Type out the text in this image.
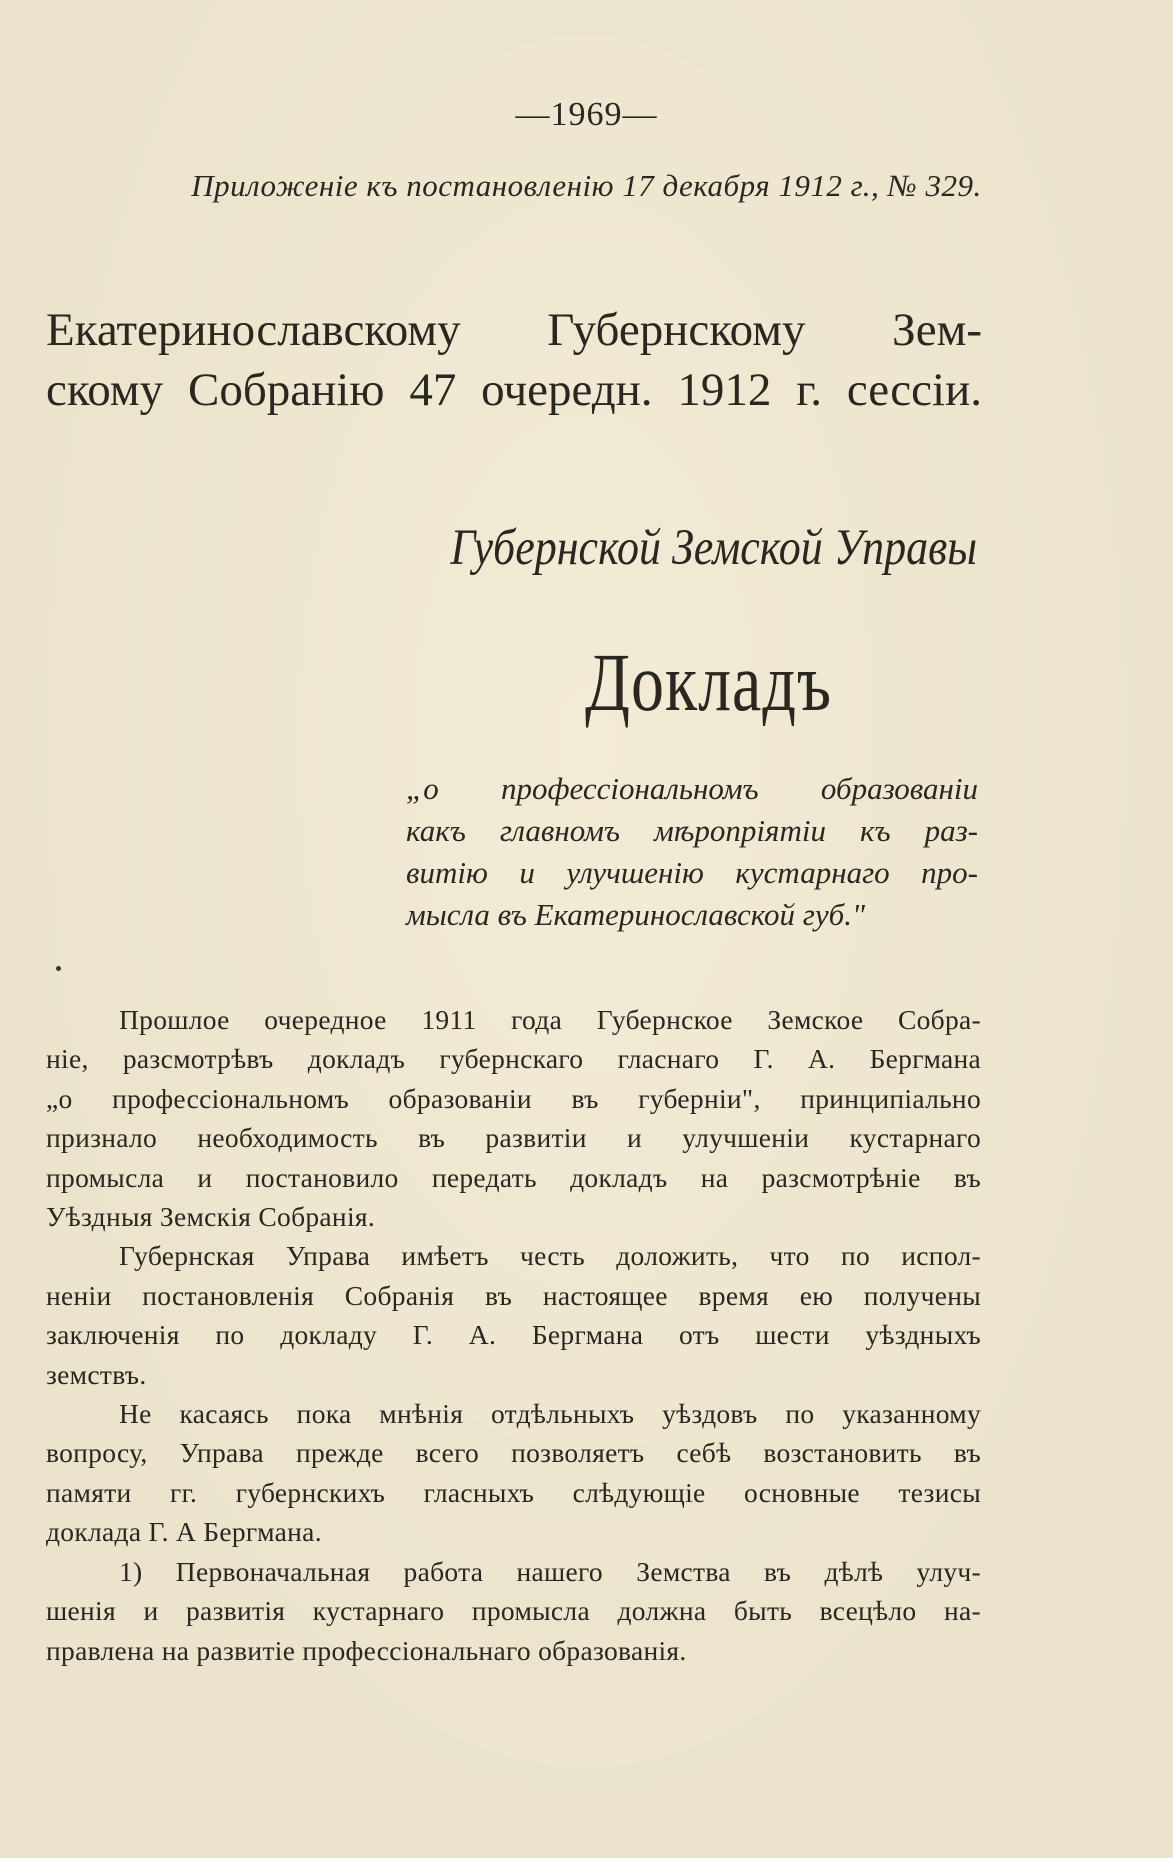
—1969—
Приложеніе къ постановленію 17 декабря 1912 г., № 329.
Екатеринославскому Губернскому Зем-
скому Собранію 47 очередн. 1912 г. сессіи.
Губернской Земской Управы
Докладъ
„о профессіональномъ образованіи
какъ главномъ мѣропріятіи къ раз-
витію и улучшенію кустарнаго про-
мысла въ Екатеринославской губ."
Прошлое очередное 1911 года Губернское Земское Собра-
ніе, разсмотрѣвъ докладъ губернскаго гласнаго Г. А. Бергмана
„о профессіональномъ образованіи въ губерніи", принципіально
признало необходимость въ развитіи и улучшеніи кустарнаго
промысла и постановило передать докладъ на разсмотрѣніе въ
Уѣздныя Земскія Собранія.
Губернская Управа имѣетъ честь доложить, что по испол-
неніи постановленія Собранія въ настоящее время ею получены
заключенія по докладу Г. А. Бергмана отъ шести уѣздныхъ
земствъ.
Не касаясь пока мнѣнія отдѣльныхъ уѣздовъ по указанному
вопросу, Управа прежде всего позволяетъ себѣ возстановить въ
памяти гг. губернскихъ гласныхъ слѣдующіе основные тезисы
доклада Г. А Бергмана.
1) Первоначальная работа нашего Земства въ дѣлѣ улуч-
шенія и развитія кустарнаго промысла должна быть всецѣло на-
правлена на развитіе профессіональнаго образованія.
